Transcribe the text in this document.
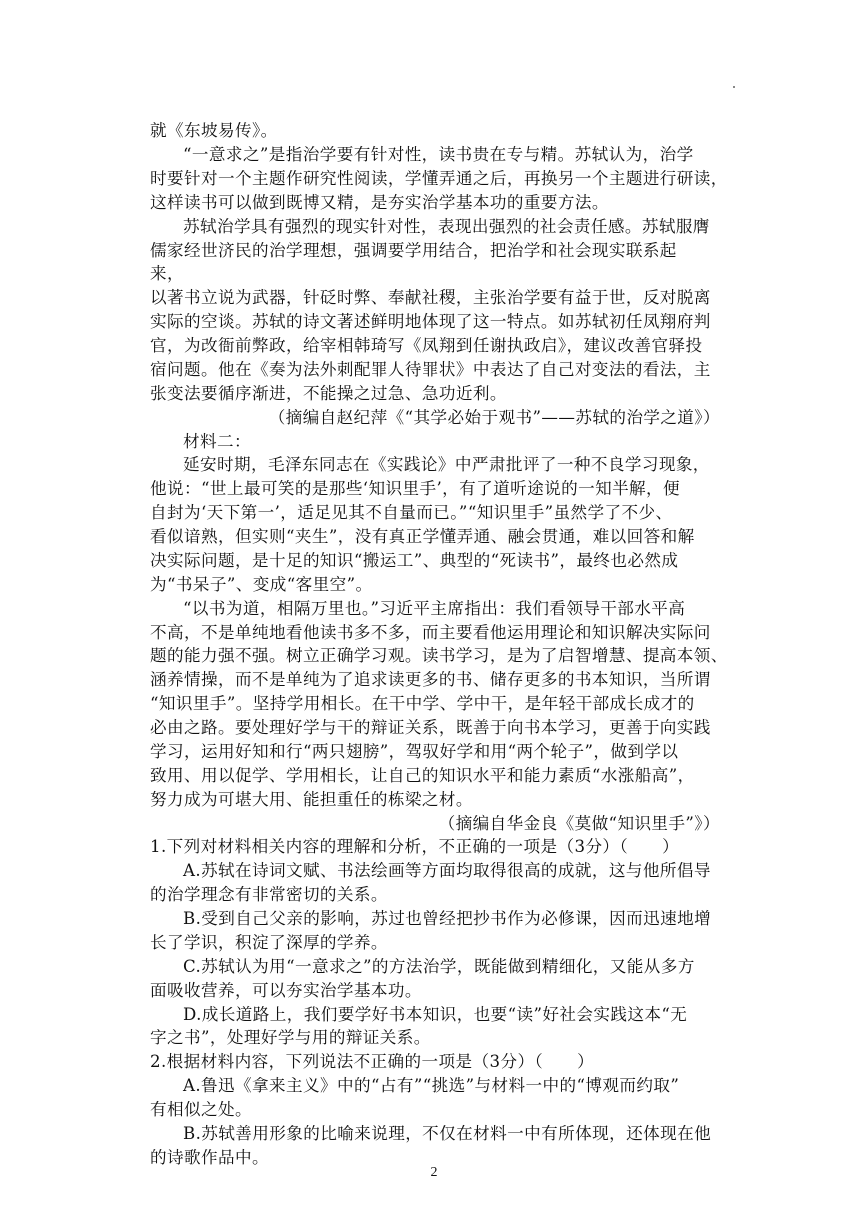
就《东坡易传》。
“一意求之”是指治学要有针对性，读书贵在专与精。苏轼认为，治学
时要针对一个主题作研究性阅读，学懂弄通之后，再换另一个主题进行研读，
这样读书可以做到既博又精，是夯实治学基本功的重要方法。
苏轼治学具有强烈的现实针对性，表现出强烈的社会责任感。苏轼服膺
儒家经世济民的治学理想，强调要学用结合，把治学和社会现实联系起
来，
以著书立说为武器，针砭时弊、奉献社稷，主张治学要有益于世，反对脱离
实际的空谈。苏轼的诗文著述鲜明地体现了这一特点。如苏轼初任凤翔府判
官，为改衙前弊政，给宰相韩琦写《凤翔到任谢执政启》，建议改善官驿投
宿问题。他在《奏为法外刺配罪人待罪状》中表达了自己对变法的看法，主
张变法要循序渐进，不能操之过急、急功近利。
（摘编自赵纪萍《“其学必始于观书”——苏轼的治学之道》）
材料二：
延安时期，毛泽东同志在《实践论》中严肃批评了一种不良学习现象，
他说：“世上最可笑的是那些‘知识里手’，有了道听途说的一知半解，便
自封为‘天下第一’，适足见其不自量而已。”“知识里手”虽然学了不少、
看似谙熟，但实则“夹生”，没有真正学懂弄通、融会贯通，难以回答和解
决实际问题，是十足的知识“搬运工”、典型的“死读书”，最终也必然成
为“书呆子”、变成“客里空”。
“以书为道，相隔万里也。”习近平主席指出：我们看领导干部水平高
不高，不是单纯地看他读书多不多，而主要看他运用理论和知识解决实际问
题的能力强不强。树立正确学习观。读书学习，是为了启智增慧、提高本领、
涵养情操，而不是单纯为了追求读更多的书、储存更多的书本知识，当所谓
“知识里手”。坚持学用相长。在干中学、学中干，是年轻干部成长成才的
必由之路。要处理好学与干的辩证关系，既善于向书本学习，更善于向实践
学习，运用好知和行“两只翅膀”，驾驭好学和用“两个轮子”，做到学以
致用、用以促学、学用相长，让自己的知识水平和能力素质“水涨船高”，
努力成为可堪大用、能担重任的栋梁之材。
（摘编自华金良《莫做“知识里手”》）
1.下列对材料相关内容的理解和分析，不正确的一项是（3分）（　　）
A.苏轼在诗词文赋、书法绘画等方面均取得很高的成就，这与他所倡导
的治学理念有非常密切的关系。
B.受到自己父亲的影响，苏过也曾经把抄书作为必修课，因而迅速地增
长了学识，积淀了深厚的学养。
C.苏轼认为用“一意求之”的方法治学，既能做到精细化，又能从多方
面吸收营养，可以夯实治学基本功。
D.成长道路上，我们要学好书本知识，也要“读”好社会实践这本“无
字之书”，处理好学与用的辩证关系。
2.根据材料内容，下列说法不正确的一项是（3分）（　　）
A.鲁迅《拿来主义》中的“占有”“挑选”与材料一中的“博观而约取”
有相似之处。
B.苏轼善用形象的比喻来说理，不仅在材料一中有所体现，还体现在他
的诗歌作品中。
2
